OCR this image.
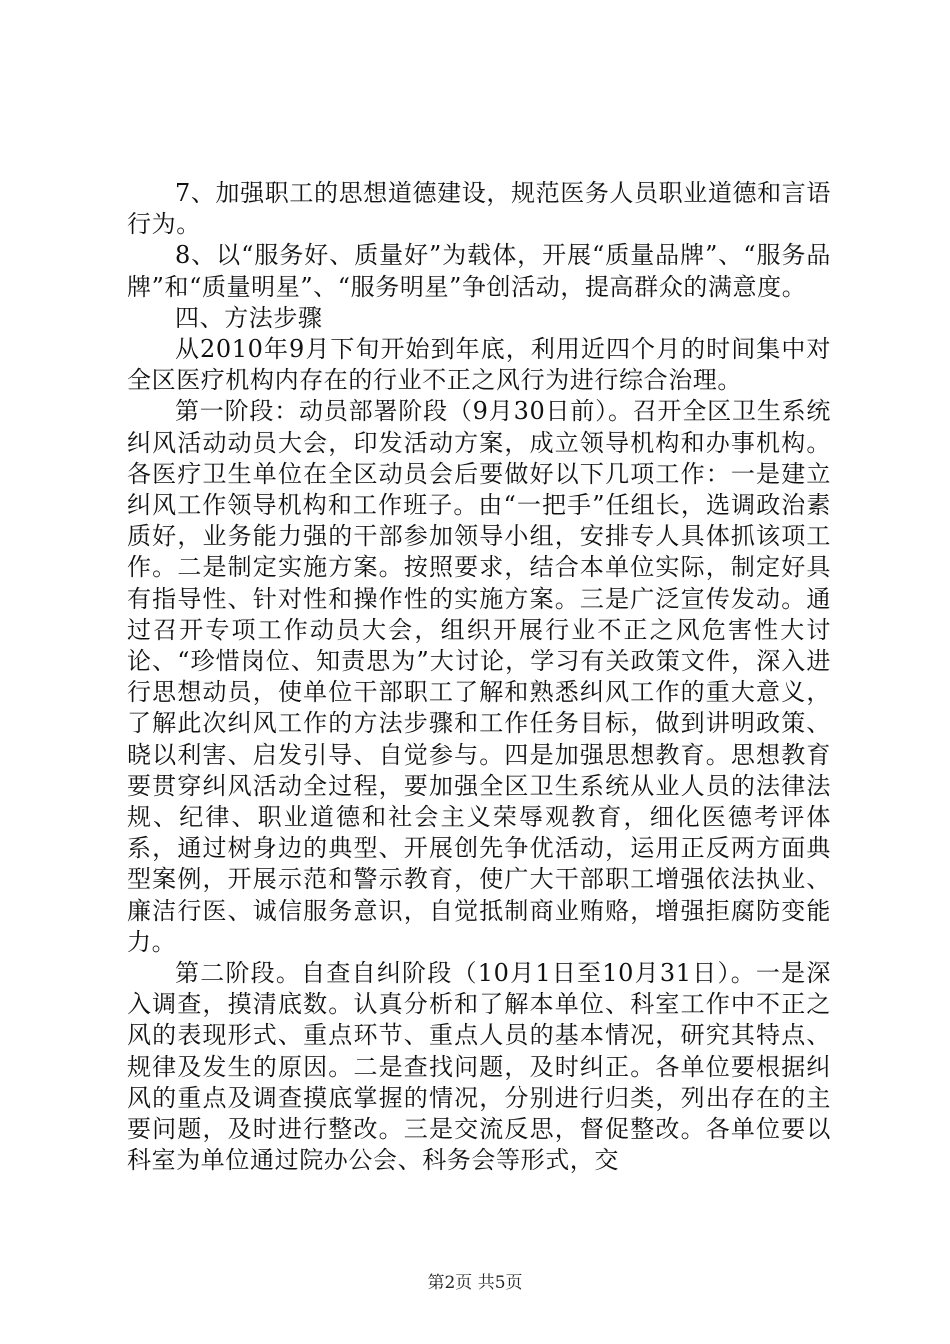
7、加强职工的思想道德建设，规范医务人员职业道德和言语行为。

8、以“服务好、质量好”为载体，开展“质量品牌”、“服务品牌”和“质量明星”、“服务明星”争创活动，提高群众的满意度。

四、方法步骤

从2010年9月下旬开始到年底，利用近四个月的时间集中对全区医疗机构内存在的行业不正之风行为进行综合治理。

第一阶段：动员部署阶段（9月30日前）。召开全区卫生系统纠风活动动员大会，印发活动方案，成立领导机构和办事机构。各医疗卫生单位在全区动员会后要做好以下几项工作：一是建立纠风工作领导机构和工作班子。由“一把手”任组长，选调政治素质好，业务能力强的干部参加领导小组，安排专人具体抓该项工作。二是制定实施方案。按照要求，结合本单位实际，制定好具有指导性、针对性和操作性的实施方案。三是广泛宣传发动。通过召开专项工作动员大会，组织开展行业不正之风危害性大讨论、“珍惜岗位、知责思为”大讨论，学习有关政策文件，深入进行思想动员，使单位干部职工了解和熟悉纠风工作的重大意义，了解此次纠风工作的方法步骤和工作任务目标，做到讲明政策、晓以利害、启发引导、自觉参与。四是加强思想教育。思想教育要贯穿纠风活动全过程，要加强全区卫生系统从业人员的法律法规、纪律、职业道德和社会主义荣辱观教育，细化医德考评体系，通过树身边的典型、开展创先争优活动，运用正反两方面典型案例，开展示范和警示教育，使广大干部职工增强依法执业、廉洁行医、诚信服务意识，自觉抵制商业贿赂，增强拒腐防变能力。

第二阶段。自查自纠阶段（10月1日至10月31日）。一是深入调查，摸清底数。认真分析和了解本单位、科室工作中不正之风的表现形式、重点环节、重点人员的基本情况，研究其特点、规律及发生的原因。二是查找问题，及时纠正。各单位要根据纠风的重点及调查摸底掌握的情况，分别进行归类，列出存在的主要问题，及时进行整改。三是交流反思，督促整改。各单位要以科室为单位通过院办公会、科务会等形式，交

第2页 共5页
